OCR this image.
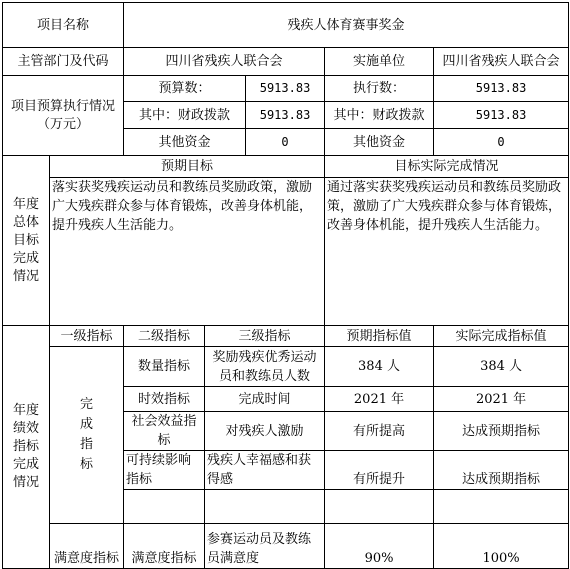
项目名称		残疾人体育赛事奖金				
主管部门及代码		四川省残疾人联合会			实施单位	四川省残疾人联合会
项目预算执行情况（万元）		预算数：		5913.83	执行数：	5913.83
		其中：财政拨款		5913.83	其中：财政拨款	5913.83
		其他资金		0	其他资金	0
年度总体目标完成情况	预期目标				目标实际完成情况	
	落实获奖残疾运动员和教练员奖励政策，激励广大残疾群众参与体育锻炼，改善身体机能，提升残疾人生活能力。				通过落实获奖残疾运动员和教练员奖励政策，激励了广大残疾群众参与体育锻炼，改善身体机能，提升残疾人生活能力。	
年度绩效指标完成情况	一级指标	二级指标	三级指标		预期指标值	实际完成指标值
	完成指标	数量指标	奖励残疾优秀运动员和教练员人数		384 人	384 人
		时效指标	完成时间		2021 年	2021 年
		社会效益指标	对残疾人激励		有所提高	达成预期指标
		可持续影响指标	残疾人幸福感和获得感		有所提升	达成预期指标

	满意度指标	满意度指标	参赛运动员及教练员满意度		90%	100%
